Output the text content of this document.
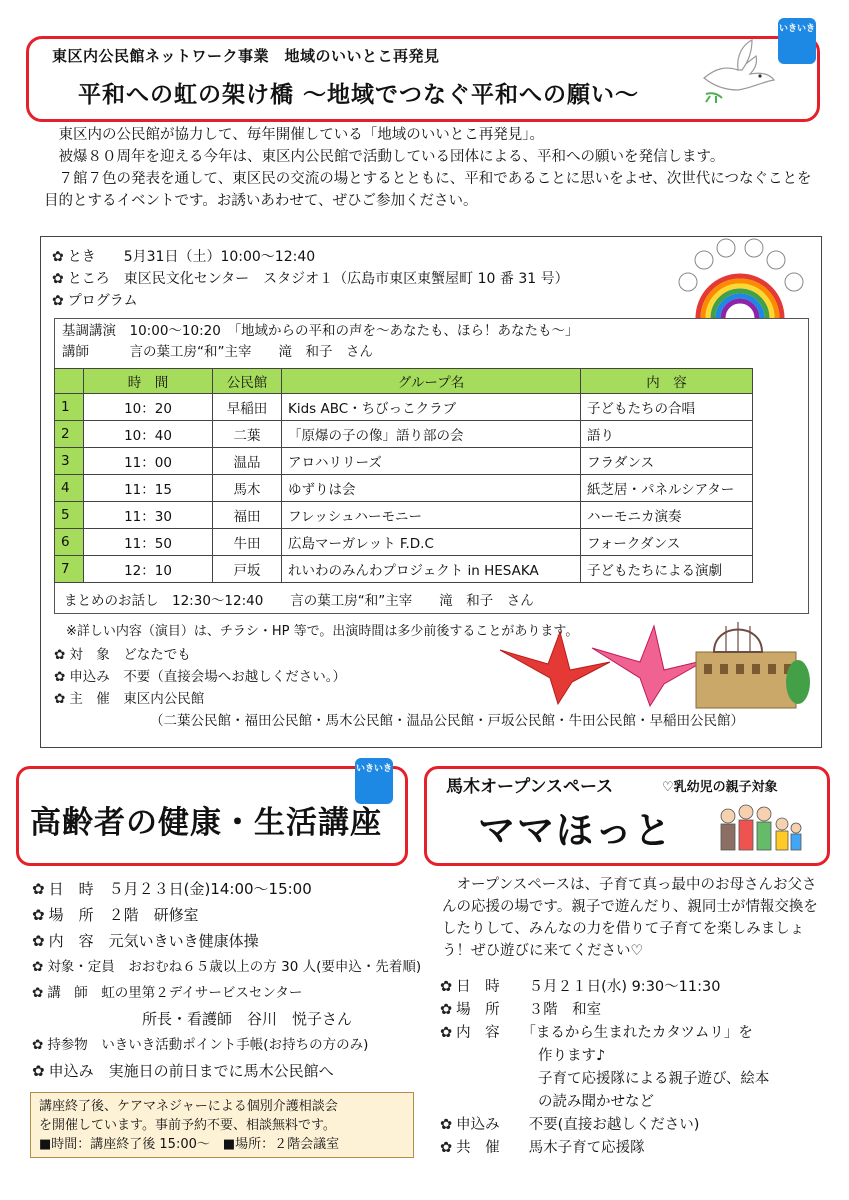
東区内公民館ネットワーク事業　地域のいいとこ再発見
平和への虹の架け橋 ～地域でつなぐ平和への願い～
いきいき

東区内の公民館が協力して、毎年開催している「地域のいいとこ再発見」。

被爆８０周年を迎える今年は、東区内公民館で活動している団体による、平和への願いを発信します。

７館７色の発表を通して、東区民の交流の場とするとともに、平和であることに思いをよせ、次世代につなぐことを目的とするイベントです。お誘いあわせて、ぜひご参加ください。

✿ とき　　 5月31日（土）10:00～12:40
✿ ところ　 東区民文化センター　スタジオ１（広島市東区東蟹屋町 10 番 31 号）
✿ プログラム
基調講演　 10:00～10:20　 「地域からの平和の声を～あなたも、ほら！あなたも～」
講師　　　	言の葉工房“和”主宰　　滝　和子　さん
	時　間	公民館	グループ名	内　容
1	10：20	早稲田	Kids ABC・ちびっこクラブ	子どもたちの合唱
2	10：40	二葉	「原爆の子の像」語り部の会	語り
3	11：00	温品	アロハリリーズ	フラダンス
4	11：15	馬木	ゆずりは会	紙芝居・パネルシアター
5	11：30	福田	フレッシュハーモニー	ハーモニカ演奏
6	11：50	牛田	広島マーガレット F.D.C	フォークダンス
7	12：10	戸坂	れいわのみんわプロジェクト in HESAKA	子どもたちによる演劇
まとめのお話し　12:30～12:40　　言の葉工房“和”主宰　　滝　和子　さん
※詳しい内容（演目）は、チラシ・HP 等で。出演時間は多少前後することがあります。
✿ 対　象　 どなたでも
✿ 申込み　 不要（直接会場へお越しください。）
✿ 主　催　 東区内公民館
（二葉公民館・福田公民館・馬木公民館・温品公民館・戸坂公民館・牛田公民館・早稲田公民館）
いきいき
高齢者の健康・生活講座
✿ 日　時　 ５月２３日(金)14:00～15:00
✿ 場　所　 ２階　研修室
✿ 内　容　 元気いきいき健康体操
✿ 対象・定員　 おおむね６５歳以上の方 30 人(要申込・先着順)
✿ 講　師　 虹の里第２デイサービスセンター
所長・看護師　谷川　悦子さん
✿ 持参物　 いきいき活動ポイント手帳(お持ちの方のみ)
✿ 申込み　 実施日の前日までに馬木公民館へ
講座終了後、ケアマネジャーによる個別介護相談会
を開催しています。事前予約不要、相談無料です。
■時間：講座終了後 15:00～　■場所：２階会議室
馬木オープンスペース	♡乳幼児の親子対象
ママほっと

オープンスペースは、子育て真っ最中のお母さんお父さんの応援の場です。親子で遊んだり、親同士が情報交換をしたりして、みんなの力を借りて子育てを楽しみましょう！ぜひ遊びに来てください♡

✿ 日　時　　 ５月２１日(水) 9:30～11:30
✿ 場　所　　 ３階　和室
✿ 内　容　　 「まるから生まれたカタツムリ」を
作ります♪
子育て応援隊による親子遊び、絵本
の読み聞かせなど
✿ 申込み　　 不要(直接お越しください)
✿ 共　催　　 馬木子育て応援隊
